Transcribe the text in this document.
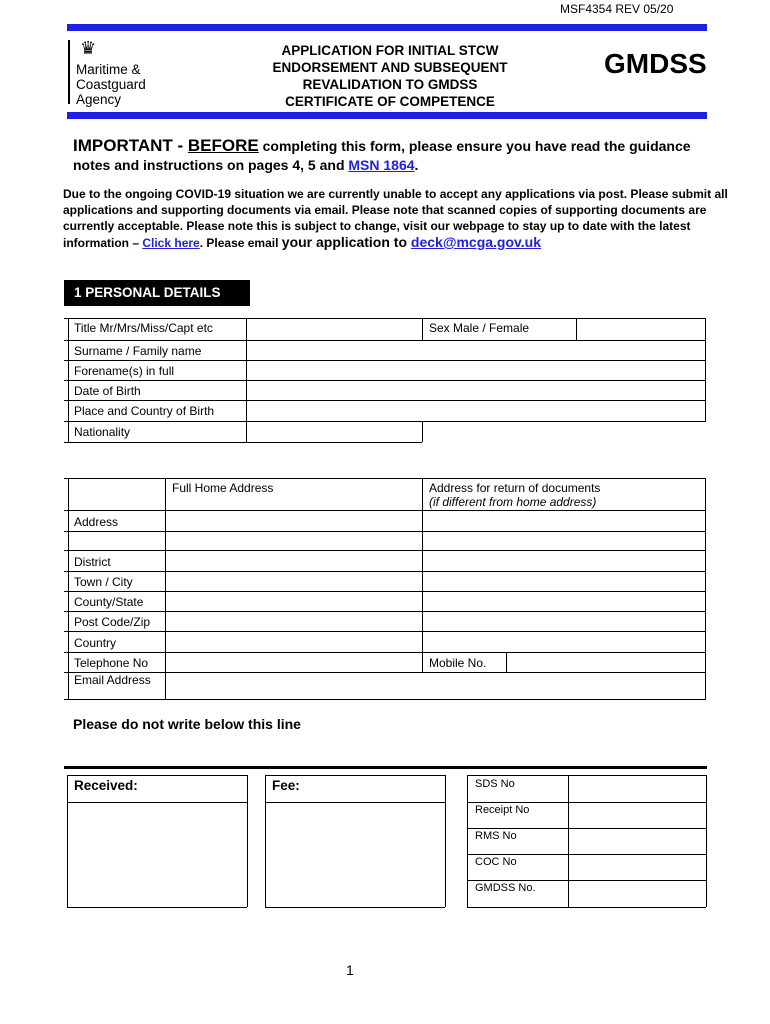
MSF4354 REV 05/20
♛
Maritime &
Coastguard
Agency
APPLICATION FOR INITIAL STCW
ENDORSEMENT AND SUBSEQUENT
REVALIDATION TO GMDSS
CERTIFICATE OF COMPETENCE
GMDSS
IMPORTANT - BEFORE completing this form, please ensure you have read the guidance notes and instructions on pages 4, 5 and MSN 1864.
Due to the ongoing COVID-19 situation we are currently unable to accept any applications via post. Please submit all applications and supporting documents via email. Please note that scanned copies of supporting documents are currently acceptable. Please note this is subject to change, visit our webpage to stay up to date with the latest information – Click here. Please email your application to deck@mcga.gov.uk
1 PERSONAL DETAILS
Title Mr/Mrs/Miss/Capt etc	Sex Male / Female
Surname / Family name
Forename(s) in full
Date of Birth
Place and Country of Birth
Nationality
Full Home Address	Address for return of documents
(if different from home address)
Address
District
Town / City
County/State
Post Code/Zip
Country
Telephone No	Mobile No.
Email Address
Please do not write below this line
Received:	Fee:	SDS No
Receipt No
RMS No
COC No
GMDSS No.
1
